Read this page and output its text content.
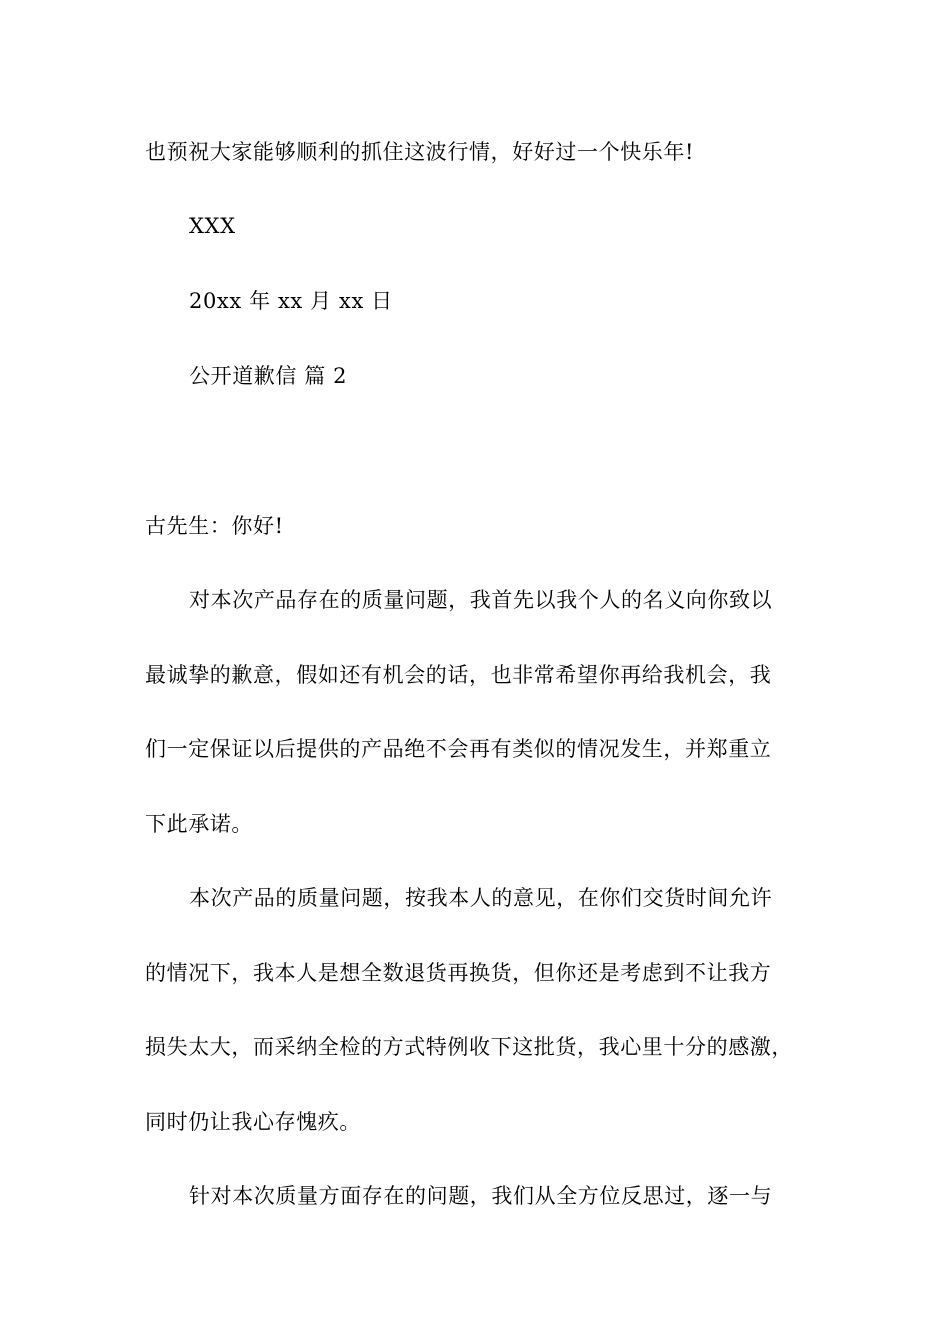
也预祝大家能够顺利的抓住这波行情，好好过一个快乐年!
XXX
20xx 年 xx 月 xx 日
公开道歉信 篇 2
古先生：你好!
对本次产品存在的质量问题，我首先以我个人的名义向你致以
最诚挚的歉意，假如还有机会的话，也非常希望你再给我机会，我
们一定保证以后提供的产品绝不会再有类似的情况发生，并郑重立
下此承诺。
本次产品的质量问题，按我本人的意见，在你们交货时间允许
的情况下，我本人是想全数退货再换货，但你还是考虑到不让我方
损失太大，而采纳全检的方式特例收下这批货，我心里十分的感激，
同时仍让我心存愧疚。
针对本次质量方面存在的问题，我们从全方位反思过，逐一与
